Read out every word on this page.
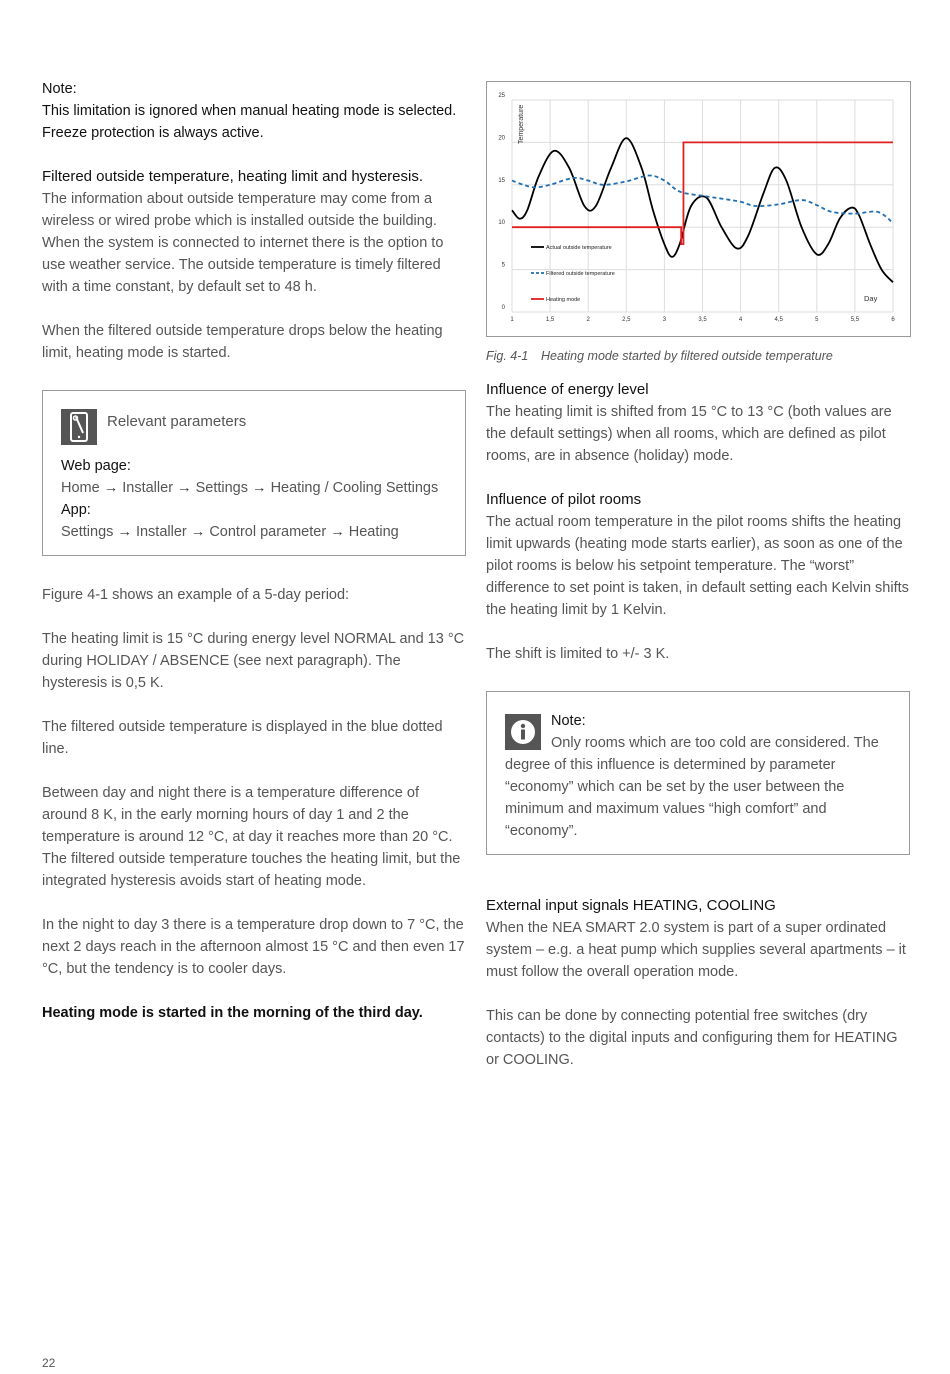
Note:

This limitation is ignored when manual heating mode is selected. Freeze protection is always active.

Filtered outside temperature, heating limit and hysteresis.

The information about outside temperature may come from a wireless or wired probe which is installed outside the building. When the system is connected to internet there is the option to use weather service. The outside temperature is timely filtered with a time constant, by default set to 48 h.

When the filtered outside temperature drops below the heating limit, heating mode is started.

Relevant parameters

Web page:

Home → Installer → Settings → Heating / Cooling Settings

App:

Settings → Installer → Control parameter → Heating

Figure 4-1 shows an example of a 5-day period:

The heating limit is 15 °C during energy level NORMAL and 13 °C during HOLIDAY / ABSENCE (see next paragraph). The hysteresis is 0,5 K.

The filtered outside temperature is displayed in the blue dotted line.

Between day and night there is a temperature difference of around 8 K, in the early morning hours of day 1 and 2 the temperature is around 12 °C, at day it reaches more than 20 °C. The filtered outside temperature touches the heating limit, but the integrated hysteresis avoids start of heating mode.

In the night to day 3 there is a temperature drop down to 7 °C, the next 2 days reach in the afternoon almost 15 °C and then even 17 °C, but the tendency is to cooler days.

Heating mode is started in the morning of the third day.

0
5
10
15
20
25
1	1,5	2	2,5	3	3,5	4	4,5	5	5,5	6
Actual outside temperature
Filtered outside temperature
Heating mode
Temperature
Day

Fig. 4-1 Heating mode started by filtered outside temperature

Influence of energy level

The heating limit is shifted from 15 °C to 13 °C (both values are the default settings) when all rooms, which are defined as pilot rooms, are in absence (holiday) mode.

Influence of pilot rooms

The actual room temperature in the pilot rooms shifts the heating limit upwards (heating mode starts earlier), as soon as one of the pilot rooms is below his setpoint temperature. The “worst” difference to set point is taken, in default setting each Kelvin shifts the heating limit by 1 Kelvin.

The shift is limited to +/- 3 K.

Note:

Only rooms which are too cold are considered. The degree of this influence is determined by parameter “economy” which can be set by the user between the minimum and maximum values “high comfort” and “economy”.

External input signals HEATING, COOLING

When the NEA SMART 2.0 system is part of a super ordinated system – e.g. a heat pump which supplies several apartments – it must follow the overall operation mode.

This can be done by connecting potential free switches (dry contacts) to the digital inputs and configuring them for HEATING or COOLING.

22
